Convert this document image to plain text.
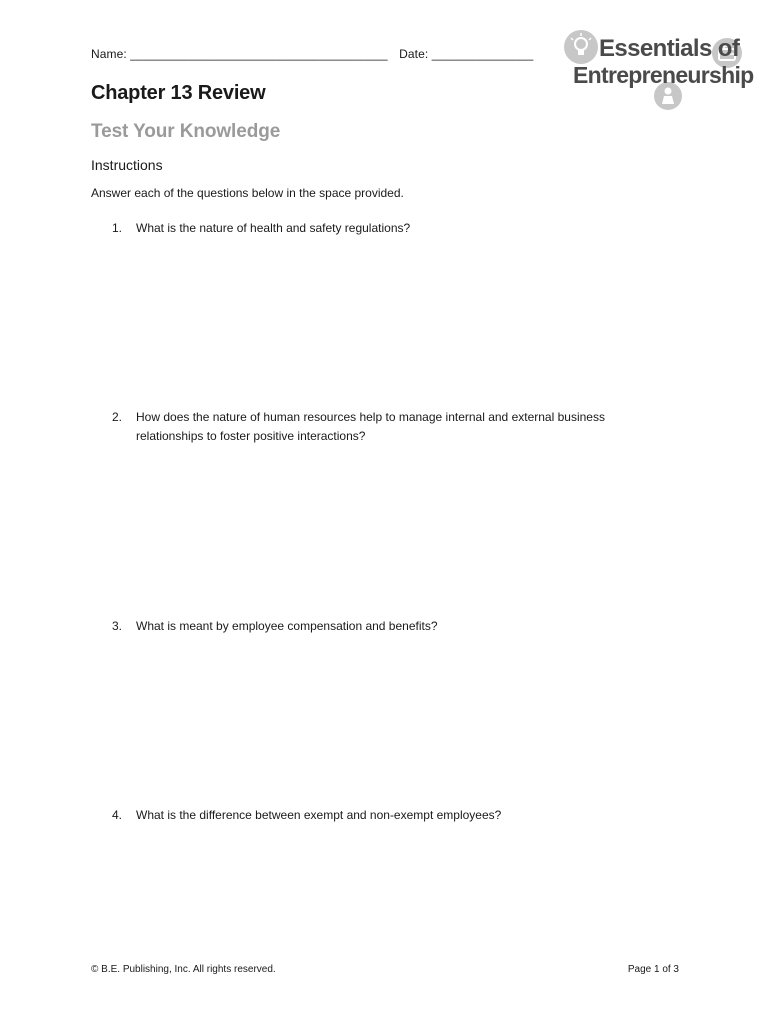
Name: ______________________________________ Date: _______________	Essentials of
Entrepreneurship
Chapter 13 Review
Test Your Knowledge
Instructions
Answer each of the questions below in the space provided.
1.	What is the nature of health and safety regulations?
2.	How does the nature of human resources help to manage internal and external business relationships to foster positive interactions?
3.	What is meant by employee compensation and benefits?
4.	What is the difference between exempt and non-exempt employees?
© B.E. Publishing, Inc. All rights reserved.	Page 1 of 3
